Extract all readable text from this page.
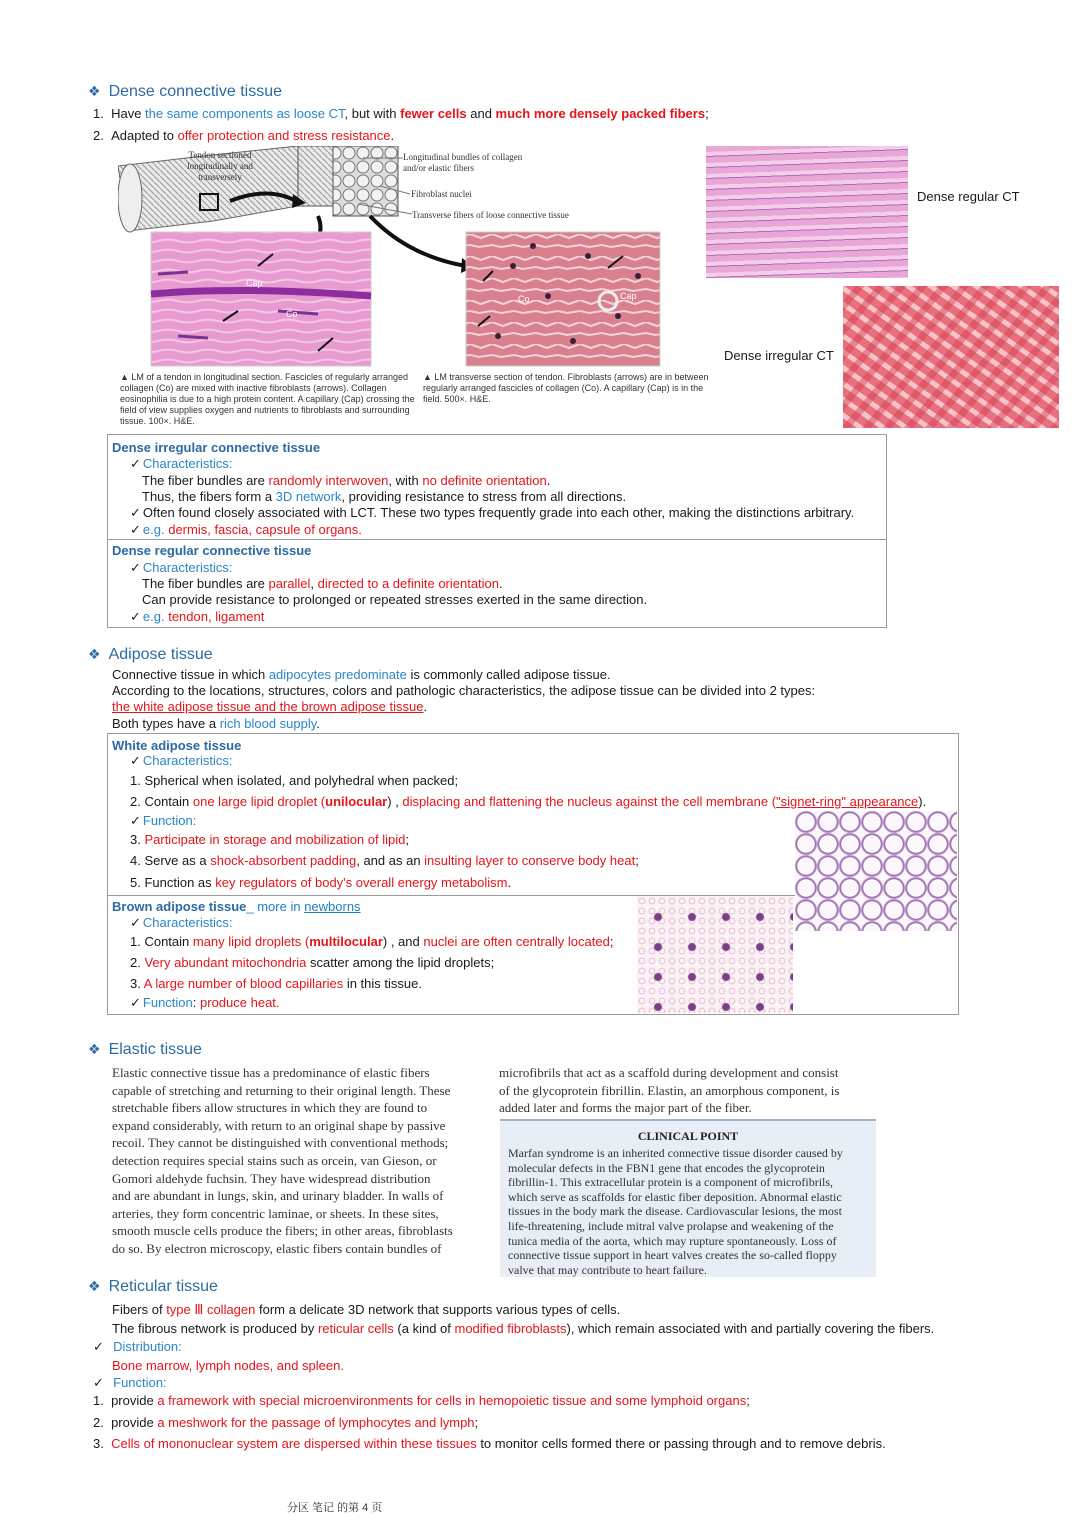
❖ Dense connective tissue
1. Have the same components as loose CT, but with fewer cells and much more densely packed fibers;
2. Adapted to offer protection and stress resistance.
Tendon sectioned longitudinally and transversely
Longitudinal bundles of collagen and/or elastic fibers
Fibroblast nuclei
Transverse fibers of loose connective tissue
Cap
Co
Co	Cap
▲ LM of a tendon in longitudinal section. Fascicles of regularly arranged collagen (Co) are mixed with inactive fibroblasts (arrows). Collagen eosinophilia is due to a high protein content. A capillary (Cap) crossing the field of view supplies oxygen and nutrients to fibroblasts and surrounding tissue. 100×. H&E.
▲ LM transverse section of tendon. Fibroblasts (arrows) are in between regularly arranged fascicles of collagen (Co). A capillary (Cap) is in the field. 500×. H&E.
Dense regular CT
Dense irregular CT
Dense irregular connective tissue
✓ Characteristics:
The fiber bundles are randomly interwoven, with no definite orientation.
Thus, the fibers form a 3D network, providing resistance to stress from all directions.
✓ Often found closely associated with LCT. These two types frequently grade into each other, making the distinctions arbitrary.
✓ e.g. dermis, fascia, capsule of organs.
Dense regular connective tissue
✓ Characteristics:
The fiber bundles are parallel, directed to a definite orientation.
Can provide resistance to prolonged or repeated stresses exerted in the same direction.
✓ e.g. tendon, ligament
❖ Adipose tissue
Connective tissue in which adipocytes predominate is commonly called adipose tissue.
According to the locations, structures, colors and pathologic characteristics, the adipose tissue can be divided into 2 types:
the white adipose tissue and the brown adipose tissue.
Both types have a rich blood supply.
White adipose tissue
✓ Characteristics:
1. Spherical when isolated, and polyhedral when packed;
2. Contain one large lipid droplet (unilocular) , displacing and flattening the nucleus against the cell membrane ("signet-ring" appearance).
✓ Function:
3. Participate in storage and mobilization of lipid;
4. Serve as a shock-absorbent padding, and as an insulting layer to conserve body heat;
5. Function as key regulators of body's overall energy metabolism.
Brown adipose tissue_ more in newborns
✓ Characteristics:
1. Contain many lipid droplets (multilocular) , and nuclei are often centrally located;
2. Very abundant mitochondria scatter among the lipid droplets;
3. A large number of blood capillaries in this tissue.
✓ Function: produce heat.
❖ Elastic tissue
Elastic connective tissue has a predominance of elastic fibers
capable of stretching and returning to their original length. These
stretchable fibers allow structures in which they are found to
expand considerably, with return to an original shape by passive
recoil. They cannot be distinguished with conventional methods;
detection requires special stains such as orcein, van Gieson, or
Gomori aldehyde fuchsin. They have widespread distribution
and are abundant in lungs, skin, and urinary bladder. In walls of
arteries, they form concentric laminae, or sheets. In these sites,
smooth muscle cells produce the fibers; in other areas, fibroblasts
do so. By electron microscopy, elastic fibers contain bundles of
microfibrils that act as a scaffold during development and consist
of the glycoprotein fibrillin. Elastin, an amorphous component, is
added later and forms the major part of the fiber.
CLINICAL POINT
Marfan syndrome is an inherited connective tissue disorder caused by
molecular defects in the FBN1 gene that encodes the glycoprotein
fibrillin-1. This extracellular protein is a component of microfibrils,
which serve as scaffolds for elastic fiber deposition. Abnormal elastic
tissues in the body mark the disease. Cardiovascular lesions, the most
life-threatening, include mitral valve prolapse and weakening of the
tunica media of the aorta, which may rupture spontaneously. Loss of
connective tissue support in heart valves creates the so-called floppy
valve that may contribute to heart failure.
❖ Reticular tissue
Fibers of type Ⅲ collagen form a delicate 3D network that supports various types of cells.
The fibrous network is produced by reticular cells (a kind of modified fibroblasts), which remain associated with and partially covering the fibers.
✓ Distribution:
Bone marrow, lymph nodes, and spleen.
✓ Function:
1.  provide a framework with special microenvironments for cells in hemopoietic tissue and some lymphoid organs;
2.  provide a meshwork for the passage of lymphocytes and lymph;
3.  Cells of mononuclear system are dispersed within these tissues to monitor cells formed there or passing through and to remove debris.
分区 笔记 的第 4 页
